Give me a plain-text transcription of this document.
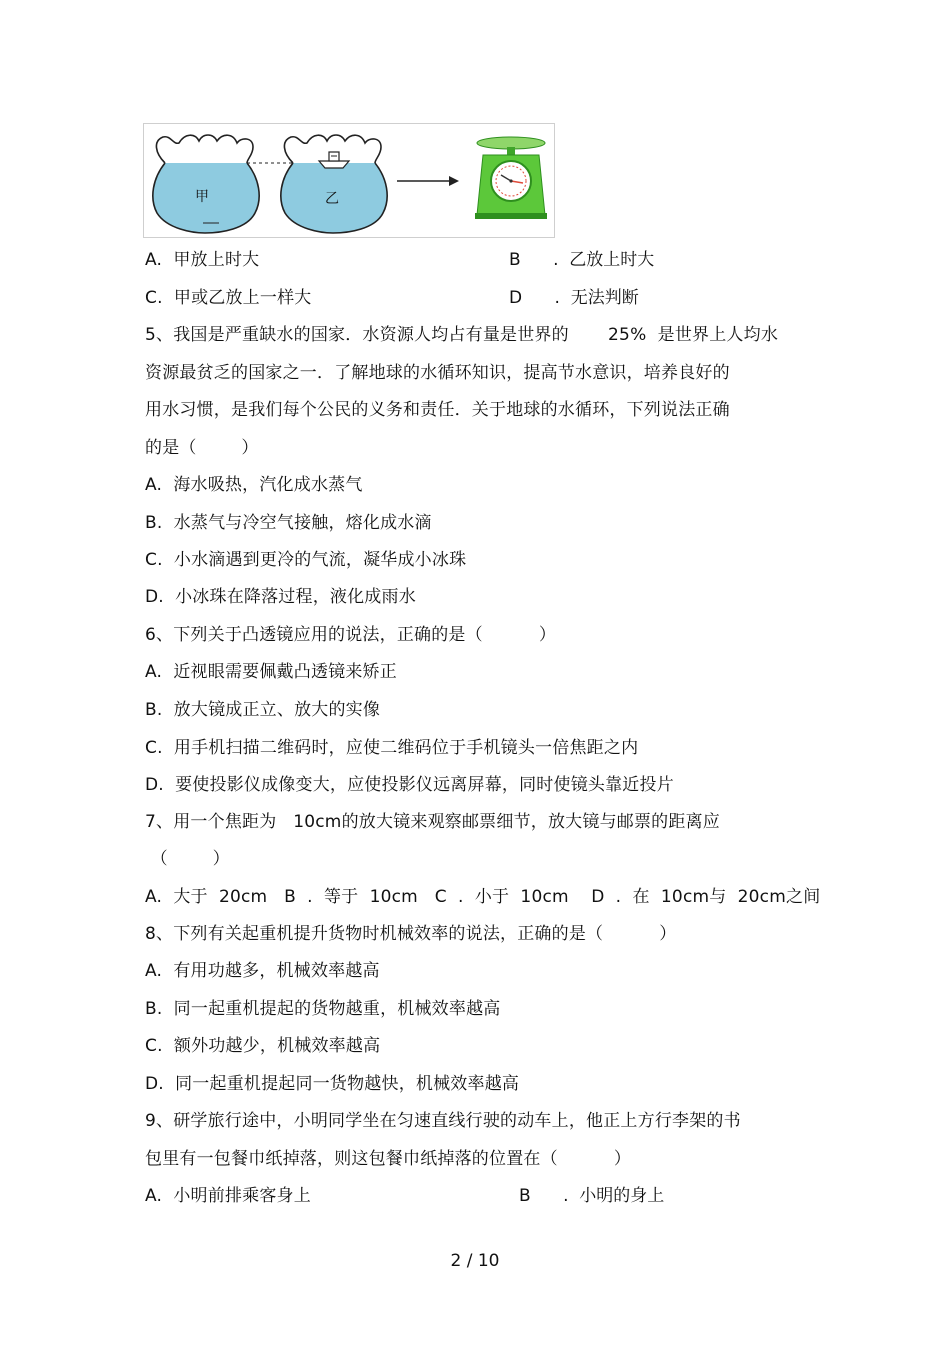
甲	乙
A.  甲放上时大	B      .  乙放上时大
C.  甲或乙放上一样大	D      .  无法判断
5、我国是严重缺水的国家．水资源人均占有量是世界的       25%  是世界上人均水
资源最贫乏的国家之一．了解地球的水循环知识，提高节水意识，培养良好的
用水习惯，是我们每个公民的义务和责任．关于地球的水循环，下列说法正确
的是（        ）
A.  海水吸热，汽化成水蒸气
B.  水蒸气与冷空气接触，熔化成水滴
C.  小水滴遇到更冷的气流，凝华成小冰珠
D.  小冰珠在降落过程，液化成雨水
6、下列关于凸透镜应用的说法，正确的是（          ）
A.  近视眼需要佩戴凸透镜来矫正
B.  放大镜成正立、放大的实像
C.  用手机扫描二维码时，应使二维码位于手机镜头一倍焦距之内
D.  要使投影仪成像变大，应使投影仪远离屏幕，同时使镜头靠近投片
7、用一个焦距为   10cm的放大镜来观察邮票细节，放大镜与邮票的距离应
（        ）
A.  大于  20cm   B  .  等于  10cm   C  .  小于  10cm    D  .  在  10cm与  20cm之间
8、下列有关起重机提升货物时机械效率的说法，正确的是（          ）
A.  有用功越多，机械效率越高
B.  同一起重机提起的货物越重，机械效率越高
C.  额外功越少，机械效率越高
D.  同一起重机提起同一货物越快，机械效率越高
9、研学旅行途中，小明同学坐在匀速直线行驶的动车上，他正上方行李架的书
包里有一包餐巾纸掉落，则这包餐巾纸掉落的位置在（          ）
A.  小明前排乘客身上	B      .  小明的身上
2 / 10
